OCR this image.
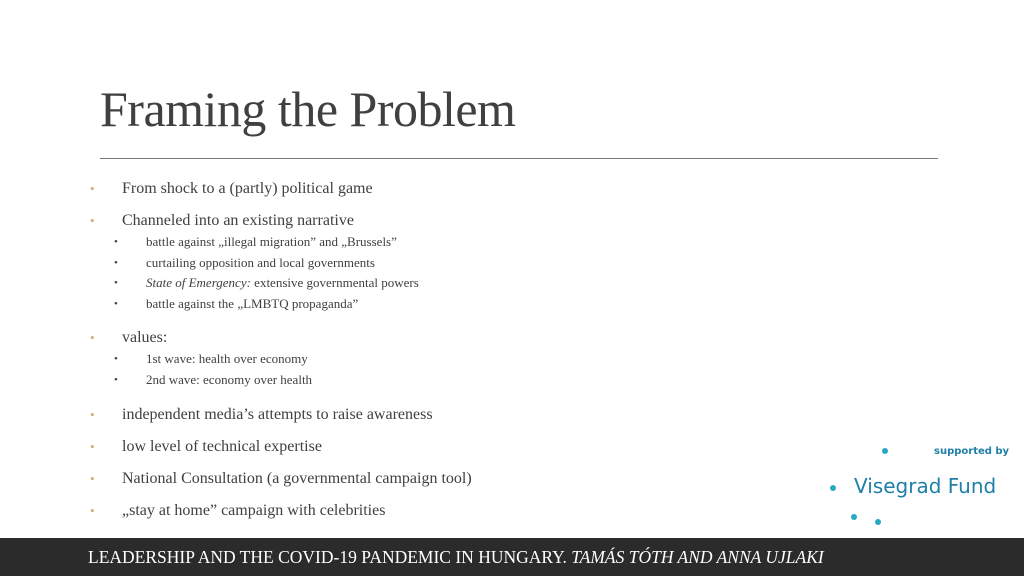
Framing the Problem
• From shock to a (partly) political game
• Channeled into an existing narrative
• battle against „illegal migration” and „Brussels”
• curtailing opposition and local governments
• State of Emergency: extensive governmental powers
• battle against the „LMBTQ propaganda”
• values:
• 1st wave: health over economy
• 2nd wave: economy over health
• independent media’s attempts to raise awareness
• low level of technical expertise
• National Consultation (a governmental campaign tool)
• „stay at home” campaign with celebrities
supported by
Visegrad Fund
LEADERSHIP AND THE COVID-19 PANDEMIC IN HUNGARY. TAMÁS TÓTH AND ANNA UJLAKI
